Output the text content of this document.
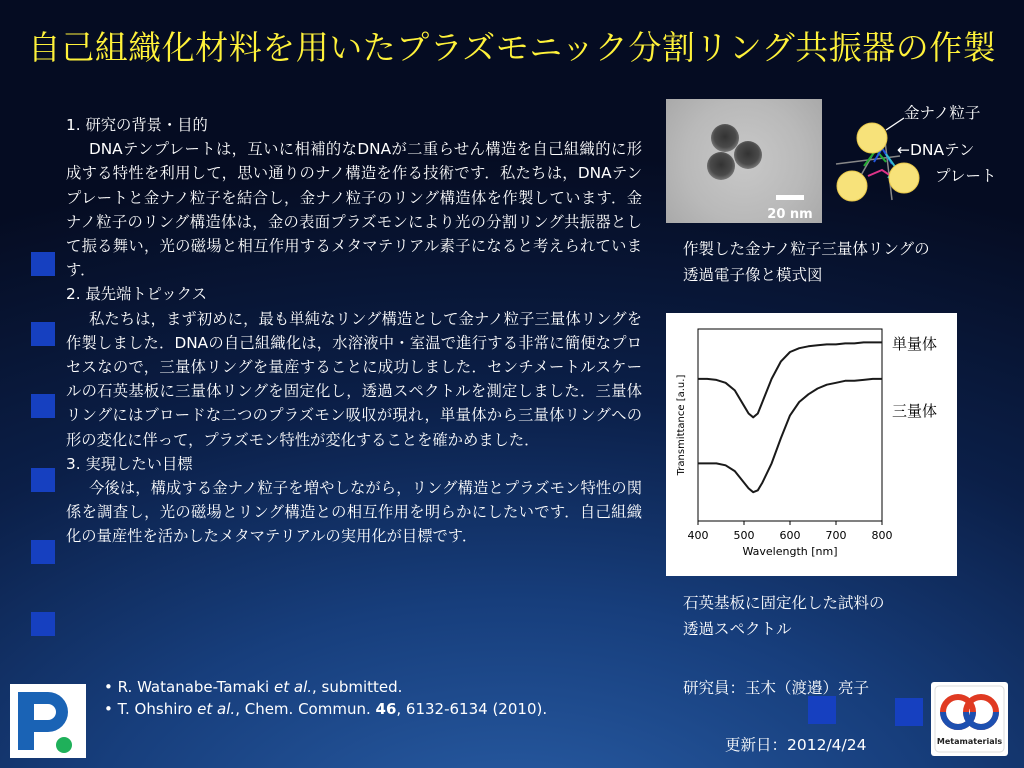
自己組織化材料を用いたプラズモニック分割リング共振器の作製

1. 研究の背景・目的

DNAテンプレートは，互いに相補的なDNAが二重らせん構造を自己組織的に形成する特性を利用して，思い通りのナノ構造を作る技術です．私たちは，DNAテンプレートと金ナノ粒子を結合し，金ナノ粒子のリング構造体を作製しています．金ナノ粒子のリング構造体は，金の表面プラズモンにより光の分割リング共振器として振る舞い，光の磁場と相互作用するメタマテリアル素子になると考えられています．

2. 最先端トピックス

私たちは，まず初めに，最も単純なリング構造として金ナノ粒子三量体リングを作製しました．DNAの自己組織化は，水溶液中・室温で進行する非常に簡便なプロセスなので，三量体リングを量産することに成功しました．センチメートルスケールの石英基板に三量体リングを固定化し，透過スペクトルを測定しました．三量体リングにはブロードな二つのプラズモン吸収が現れ，単量体から三量体リングへの形の変化に伴って，プラズモン特性が変化することを確かめました．

3. 実現したい目標

今後は，構成する金ナノ粒子を増やしながら，リング構造とプラズモン特性の関係を調査し，光の磁場とリング構造との相互作用を明らかにしたいです．自己組織化の量産性を活かしたメタマテリアルの実用化が目標です．

• R. Watanabe-Tamaki et al., submitted.
• T. Ohshiro et al., Chem. Commun. 46, 6132-6134 (2010).
20 nm
金ナノ粒子
←DNAテン
プレート
作製した金ナノ粒子三量体リングの
透過電子像と模式図
400 500 600 700 800
Transmittance [a.u.]
Wavelength [nm]
単量体
三量体
石英基板に固定化した試料の
透過スペクトル
研究員：玉木（渡邉）亮子
更新日：2012/4/24	Metamaterials
